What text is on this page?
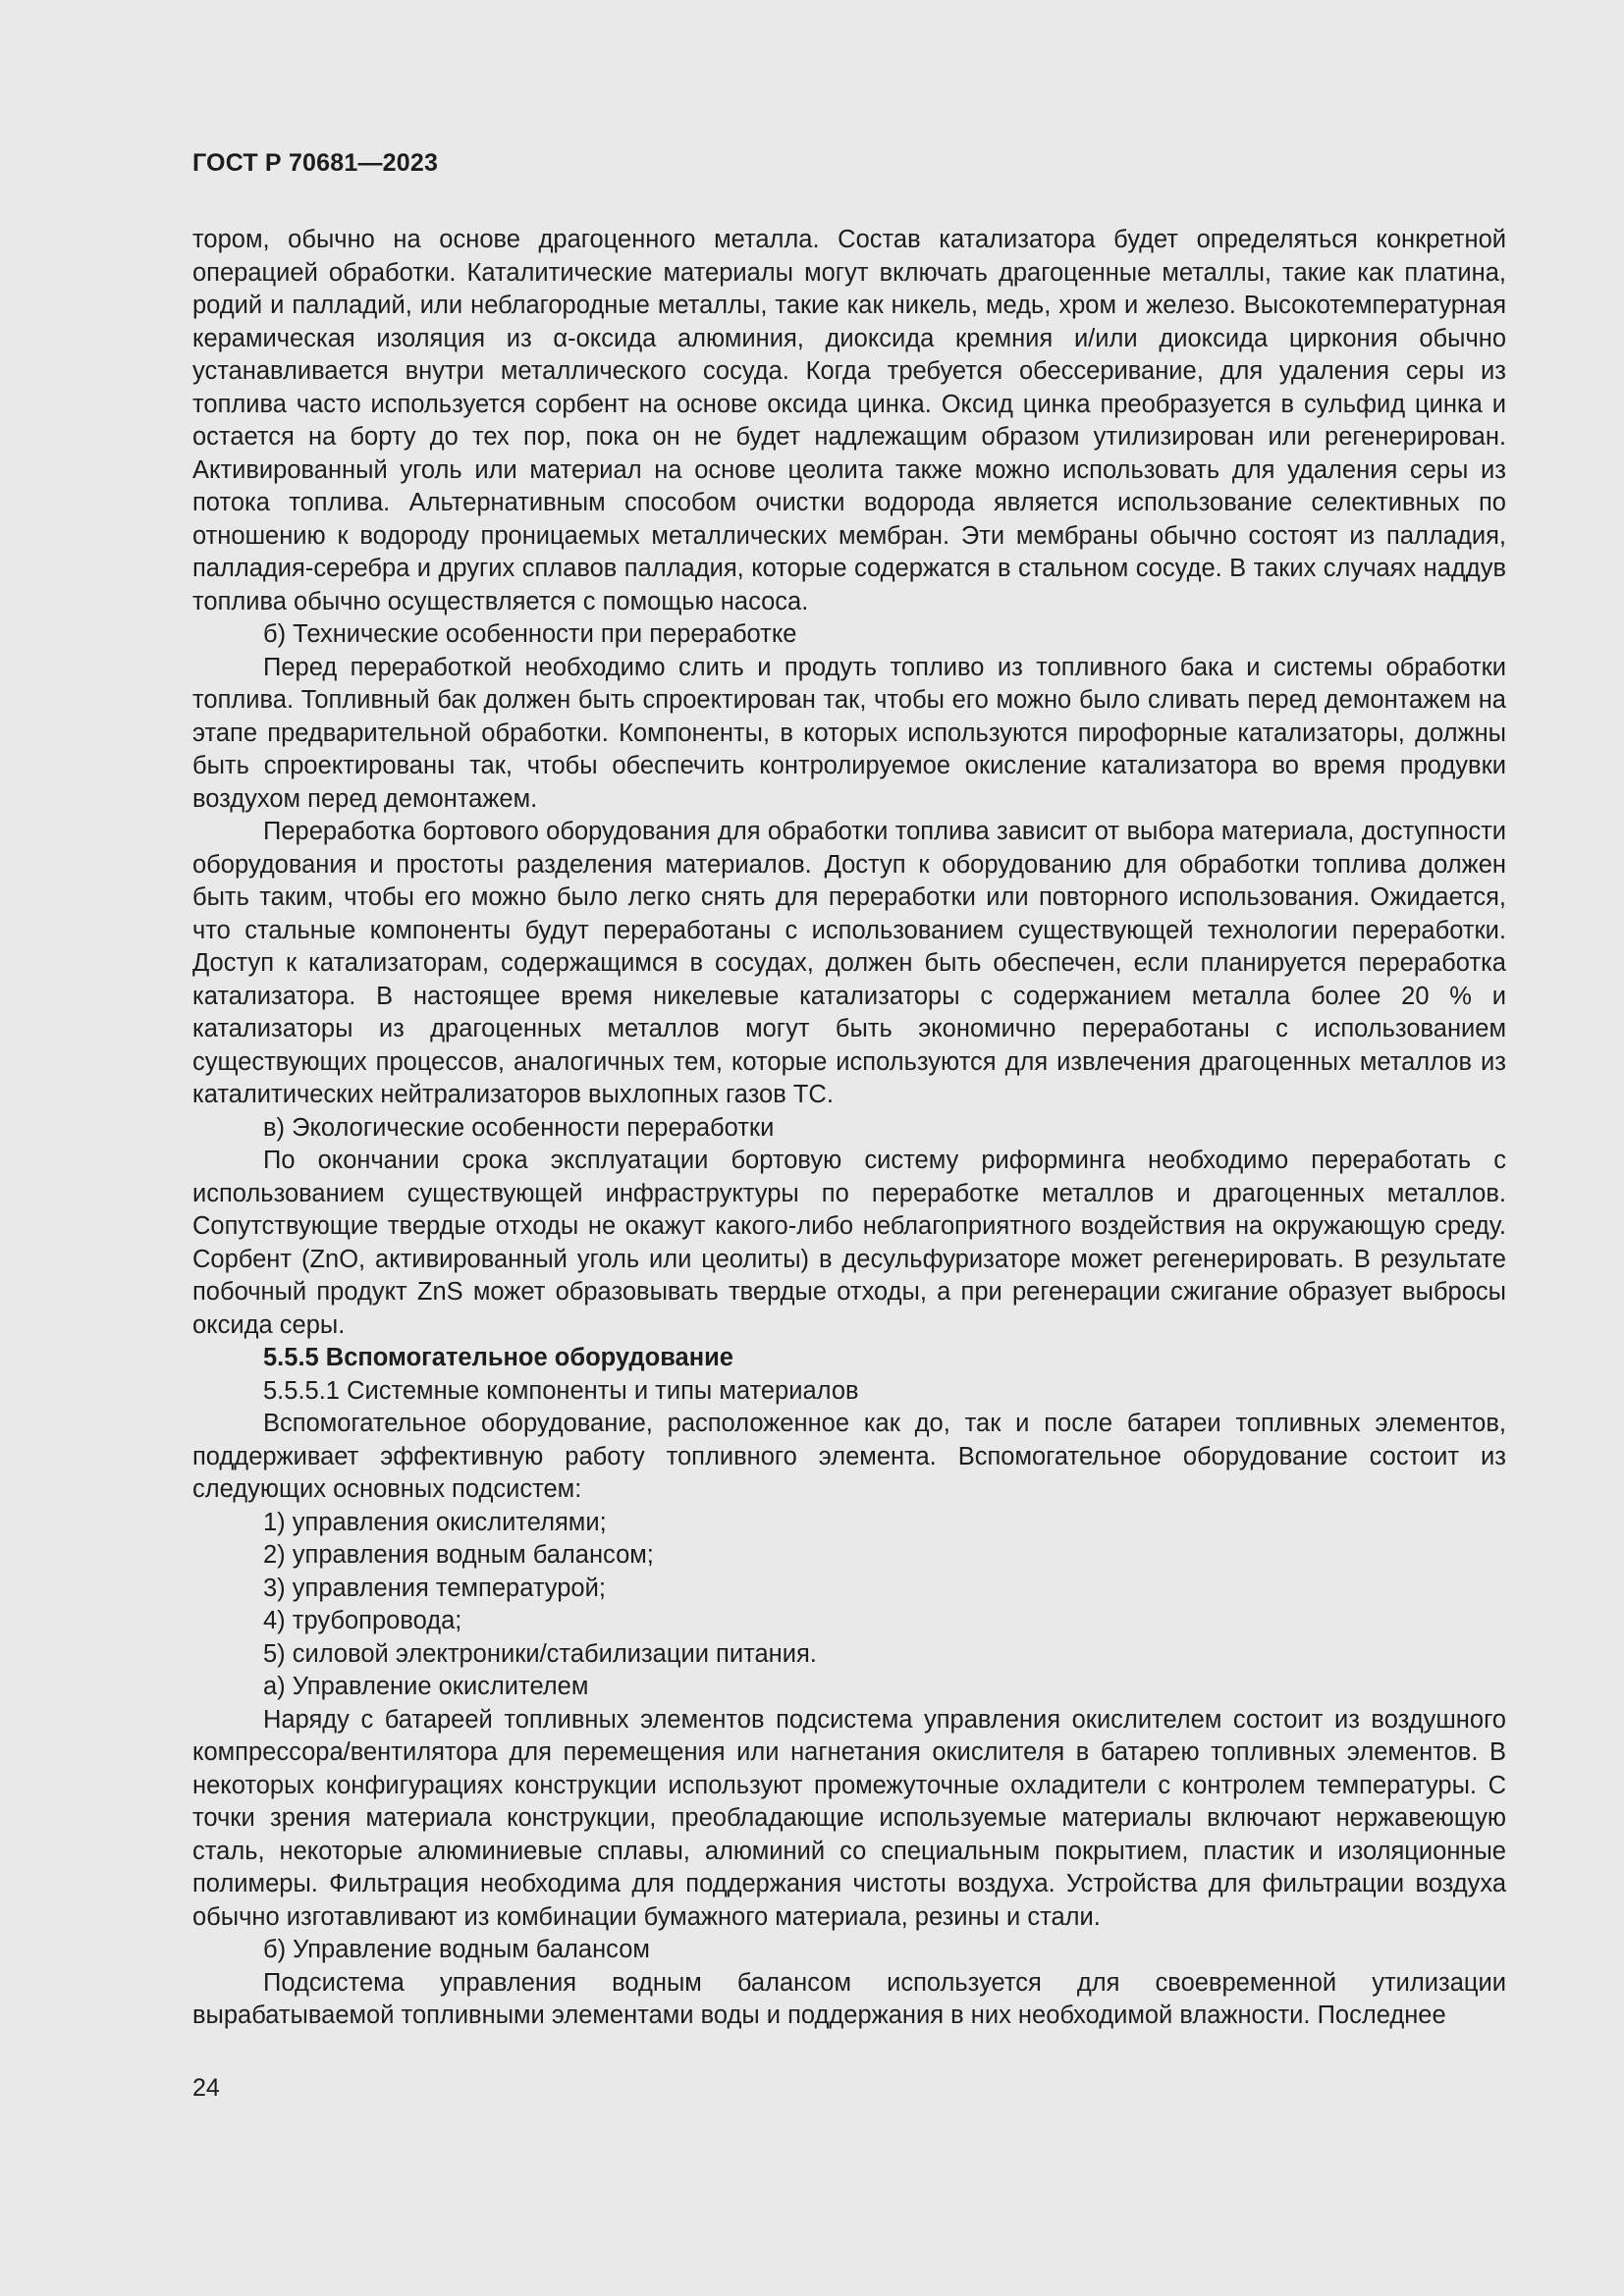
ГОСТ Р 70681—2023

тором, обычно на основе драгоценного металла. Состав катализатора будет определяться конкретной операцией обработки. Каталитические материалы могут включать драгоценные металлы, такие как платина, родий и палладий, или неблагородные металлы, такие как никель, медь, хром и железо. Высокотемпературная керамическая изоляция из α-оксида алюминия, диоксида кремния и/или диоксида циркония обычно устанавливается внутри металлического сосуда. Когда требуется обессеривание, для удаления серы из топлива часто используется сорбент на основе оксида цинка. Оксид цинка преобразуется в сульфид цинка и остается на борту до тех пор, пока он не будет надлежащим образом утилизирован или регенерирован. Активированный уголь или материал на основе цеолита также можно использовать для удаления серы из потока топлива. Альтернативным способом очистки водорода является использование селективных по отношению к водороду проницаемых металлических мембран. Эти мембраны обычно состоят из палладия, палладия-серебра и других сплавов палладия, которые содержатся в стальном сосуде. В таких случаях наддув топлива обычно осуществляется с помощью насоса.

б) Технические особенности при переработке

Перед переработкой необходимо слить и продуть топливо из топливного бака и системы обработки топлива. Топливный бак должен быть спроектирован так, чтобы его можно было сливать перед демонтажем на этапе предварительной обработки. Компоненты, в которых используются пирофорные катализаторы, должны быть спроектированы так, чтобы обеспечить контролируемое окисление катализатора во время продувки воздухом перед демонтажем.

Переработка бортового оборудования для обработки топлива зависит от выбора материала, доступности оборудования и простоты разделения материалов. Доступ к оборудованию для обработки топлива должен быть таким, чтобы его можно было легко снять для переработки или повторного использования. Ожидается, что стальные компоненты будут переработаны с использованием существующей технологии переработки. Доступ к катализаторам, содержащимся в сосудах, должен быть обеспечен, если планируется переработка катализатора. В настоящее время никелевые катализаторы с содержанием металла более 20 % и катализаторы из драгоценных металлов могут быть экономично переработаны с использованием существующих процессов, аналогичных тем, которые используются для извлечения драгоценных металлов из каталитических нейтрализаторов выхлопных газов ТС.

в) Экологические особенности переработки

По окончании срока эксплуатации бортовую систему риформинга необходимо переработать с использованием существующей инфраструктуры по переработке металлов и драгоценных металлов. Сопутствующие твердые отходы не окажут какого-либо неблагоприятного воздействия на окружающую среду. Сорбент (ZnO, активированный уголь или цеолиты) в десульфуризаторе может регенерировать. В результате побочный продукт ZnS может образовывать твердые отходы, а при регенерации сжигание образует выбросы оксида серы.

5.5.5 Вспомогательное оборудование

5.5.5.1 Системные компоненты и типы материалов

Вспомогательное оборудование, расположенное как до, так и после батареи топливных элементов, поддерживает эффективную работу топливного элемента. Вспомогательное оборудование состоит из следующих основных подсистем:

1) управления окислителями;

2) управления водным балансом;

3) управления температурой;

4) трубопровода;

5) силовой электроники/стабилизации питания.

а) Управление окислителем

Наряду с батареей топливных элементов подсистема управления окислителем состоит из воздушного компрессора/вентилятора для перемещения или нагнетания окислителя в батарею топливных элементов. В некоторых конфигурациях конструкции используют промежуточные охладители с контролем температуры. С точки зрения материала конструкции, преобладающие используемые материалы включают нержавеющую сталь, некоторые алюминиевые сплавы, алюминий со специальным покрытием, пластик и изоляционные полимеры. Фильтрация необходима для поддержания чистоты воздуха. Устройства для фильтрации воздуха обычно изготавливают из комбинации бумажного материала, резины и стали.

б) Управление водным балансом

Подсистема управления водным балансом используется для своевременной утилизации вырабатываемой топливными элементами воды и поддержания в них необходимой влажности. Последнее

24
